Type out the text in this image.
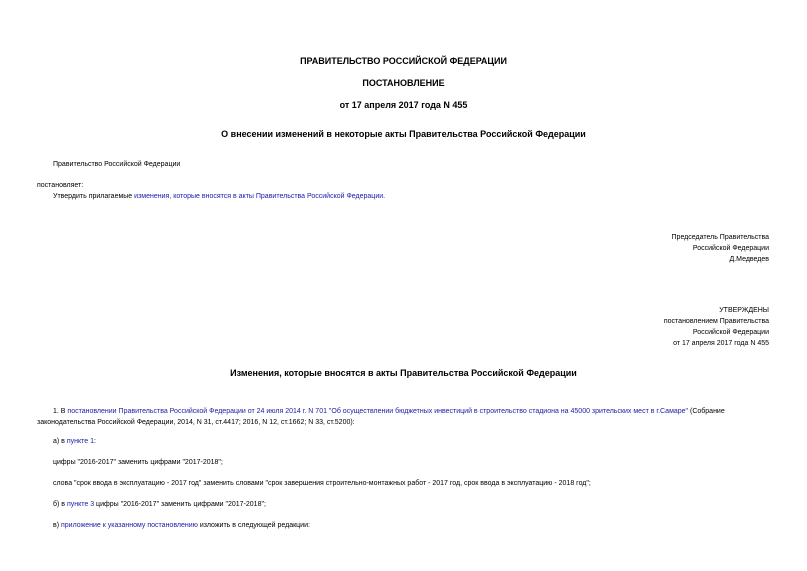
ПРАВИТЕЛЬСТВО РОССИЙСКОЙ ФЕДЕРАЦИИ
ПОСТАНОВЛЕНИЕ
от 17 апреля 2017 года N 455
О внесении изменений в некоторые акты Правительства Российской Федерации
Правительство Российской Федерации
постановляет:
Утвердить прилагаемые изменения, которые вносятся в акты Правительства Российской Федерации.
Председатель Правительства
Российской Федерации
Д.Медведев
УТВЕРЖДЕНЫ
постановлением Правительства
Российской Федерации
от 17 апреля 2017 года N 455
Изменения, которые вносятся в акты Правительства Российской Федерации
1. В постановлении Правительства Российской Федерации от 24 июля 2014 г. N 701 "Об осуществлении бюджетных инвестиций в строительство стадиона на 45000 зрительских мест в г.Самаре" (Собрание законодательства Российской Федерации, 2014, N 31, ст.4417; 2016, N 12, ст.1662; N 33, ст.5200):
а) в пункте 1:
цифры "2016-2017" заменить цифрами "2017-2018";
слова "срок ввода в эксплуатацию - 2017 год" заменить словами "срок завершения строительно-монтажных работ - 2017 год, срок ввода в эксплуатацию - 2018 год";
б) в пункте 3 цифры "2016-2017" заменить цифрами "2017-2018";
в) приложение к указанному постановлению изложить в следующей редакции:
